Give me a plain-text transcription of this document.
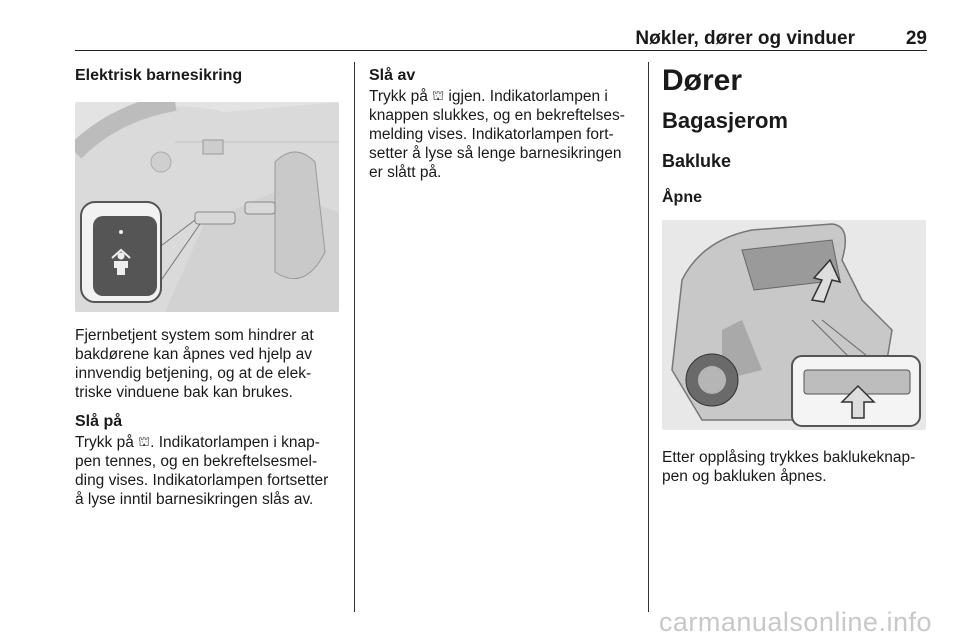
Nøkler, dører og vinduer	29

Elektrisk barnesikring

Fjernbetjent system som hindrer at

bakdørene kan åpnes ved hjelp av

innvendig betjening, og at de elek-

triske vinduene bak kan brukes.

Slå på

Trykk på ⛫. Indikatorlampen i knap-

pen tennes, og en bekreftelsesmel-

ding vises. Indikatorlampen fortsetter

å lyse inntil barnesikringen slås av.

Slå av

Trykk på ⛫ igjen. Indikatorlampen i

knappen slukkes, og en bekreftelses-

melding vises. Indikatorlampen fort-

setter å lyse så lenge barnesikringen

er slått på.

Dører

Bagasjerom

Bakluke

Åpne

Etter opplåsing trykkes baklukeknap-

pen og bakluken åpnes.

carmanualsonline.info
